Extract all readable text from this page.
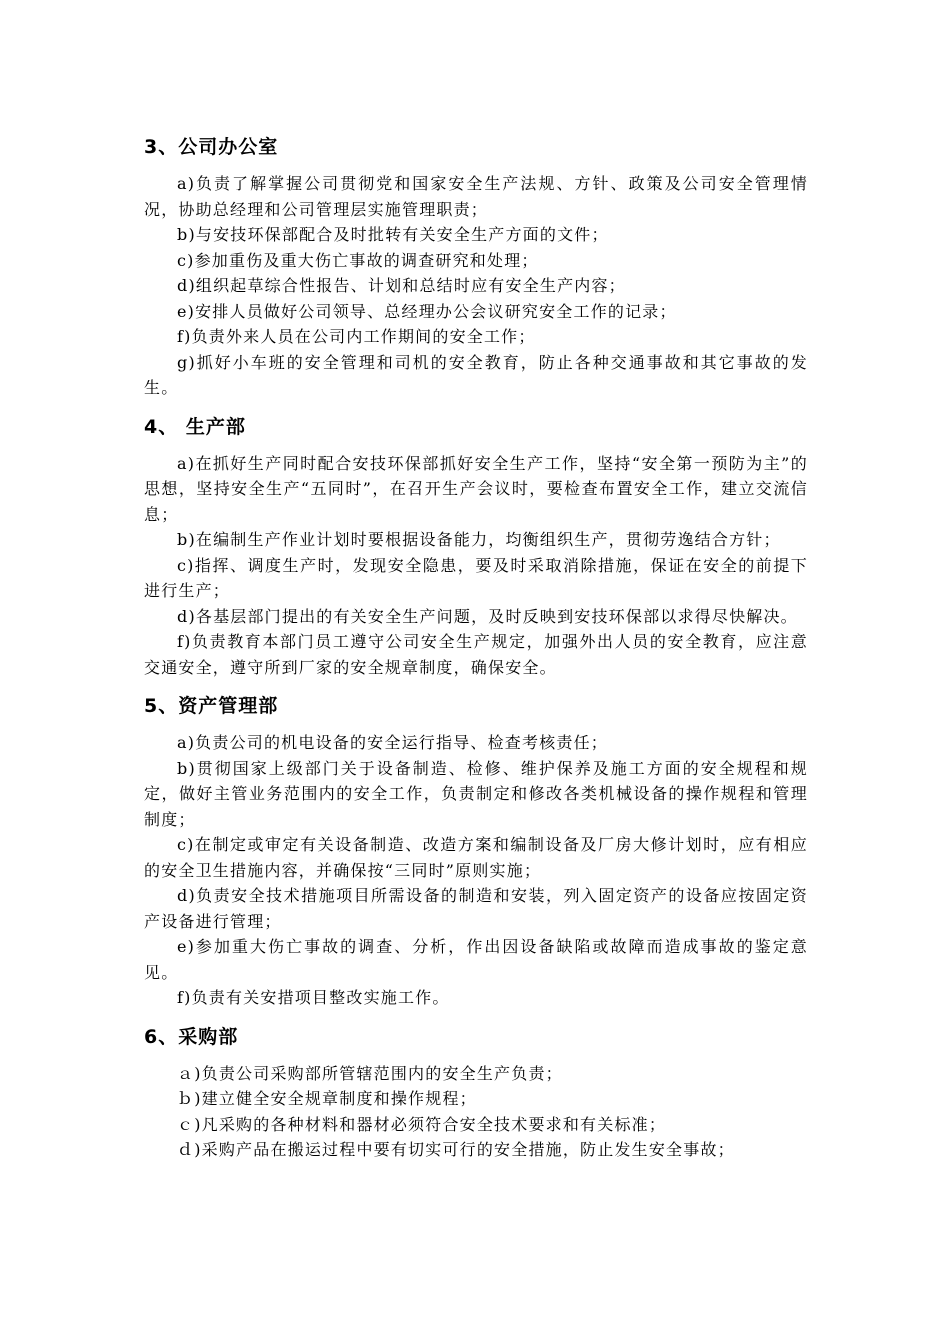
3、公司办公室

a)负责了解掌握公司贯彻党和国家安全生产法规、方针、政策及公司安全管理情况，协助总经理和公司管理层实施管理职责；

b)与安技环保部配合及时批转有关安全生产方面的文件；

c)参加重伤及重大伤亡事故的调查研究和处理；

d)组织起草综合性报告、计划和总结时应有安全生产内容；

e)安排人员做好公司领导、总经理办公会议研究安全工作的记录；

f)负责外来人员在公司内工作期间的安全工作；

g)抓好小车班的安全管理和司机的安全教育，防止各种交通事故和其它事故的发生。

4、 生产部

a)在抓好生产同时配合安技环保部抓好安全生产工作，坚持“安全第一预防为主”的思想，坚持安全生产“五同时”，在召开生产会议时，要检查布置安全工作，建立交流信息；

b)在编制生产作业计划时要根据设备能力，均衡组织生产，贯彻劳逸结合方针；

c)指挥、调度生产时，发现安全隐患，要及时采取消除措施，保证在安全的前提下进行生产；

d)各基层部门提出的有关安全生产问题，及时反映到安技环保部以求得尽快解决。

f)负责教育本部门员工遵守公司安全生产规定，加强外出人员的安全教育，应注意交通安全，遵守所到厂家的安全规章制度，确保安全。

5、资产管理部

a)负责公司的机电设备的安全运行指导、检查考核责任；

b)贯彻国家上级部门关于设备制造、检修、维护保养及施工方面的安全规程和规定，做好主管业务范围内的安全工作，负责制定和修改各类机械设备的操作规程和管理制度；

c)在制定或审定有关设备制造、改造方案和编制设备及厂房大修计划时，应有相应的安全卫生措施内容，并确保按“三同时”原则实施；

d)负责安全技术措施项目所需设备的制造和安装，列入固定资产的设备应按固定资产设备进行管理；

e)参加重大伤亡事故的调查、分析，作出因设备缺陷或故障而造成事故的鉴定意见。

f)负责有关安措项目整改实施工作。

6、采购部

ａ)负责公司采购部所管辖范围内的安全生产负责；

ｂ)建立健全安全规章制度和操作规程；

ｃ)凡采购的各种材料和器材必须符合安全技术要求和有关标准；

ｄ)采购产品在搬运过程中要有切实可行的安全措施，防止发生安全事故；
